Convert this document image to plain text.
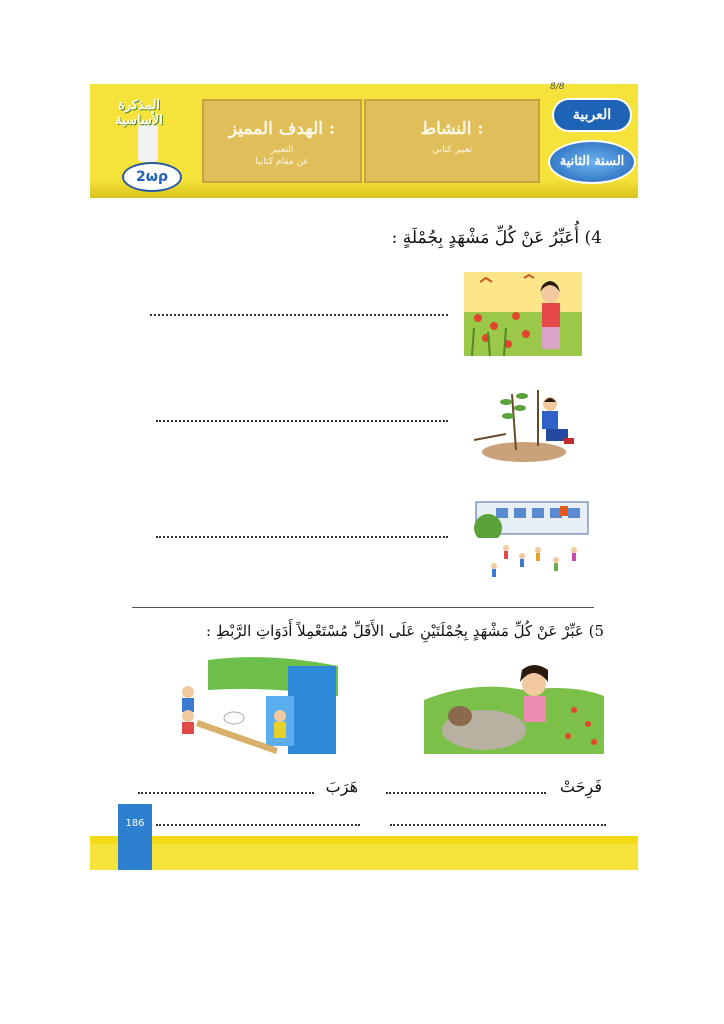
8/8
المذكرة الأساسية
2ωρ
الهدف المميز :
التعبير
عن مقام كتابيا
النشاط :
تعبير كتابي
العربية
السنة الثانية
4) أُعَبِّرُ عَنْ كُلِّ مَشْهَدٍ بِجُمْلَةٍ :
5) عَبِّرْ عَنْ كُلِّ مَشْهَدٍ بِجُمْلَتَيْنِ عَلَى الأَقَلِّ مُسْتَعْمِلاً أَدَوَاتِ الرَّبْطِ :
فَرِحَتْ
هَرَبَ
186
